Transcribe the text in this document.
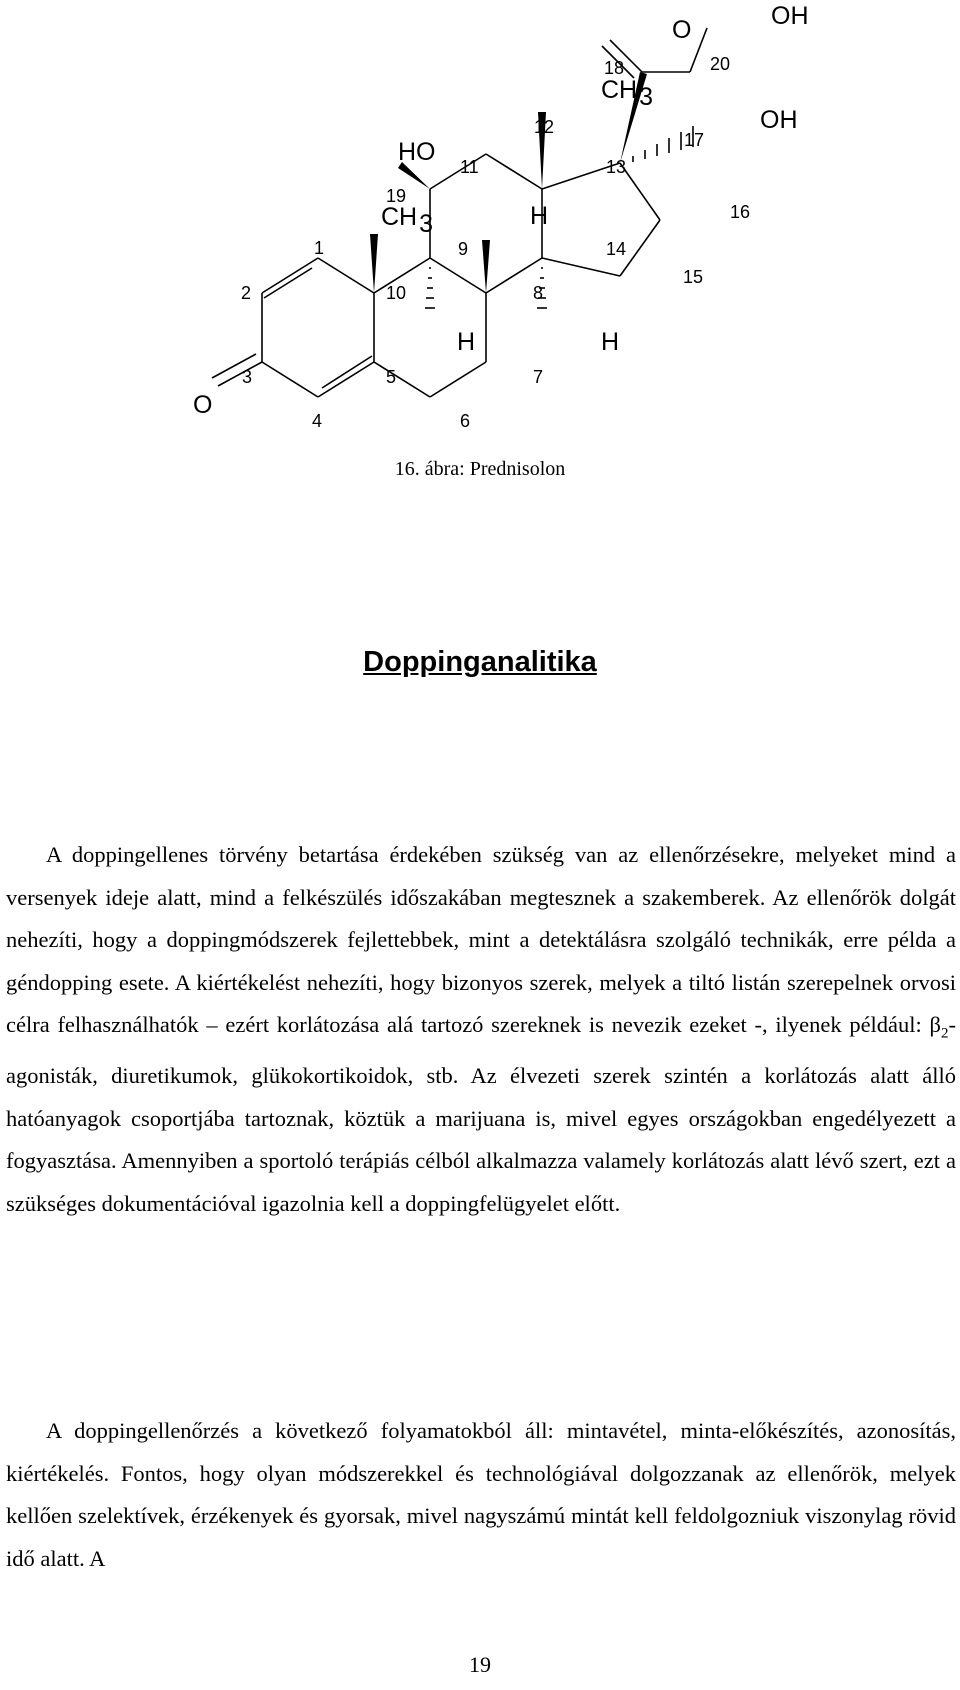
O
O	OH
OH
HO
H
H	H
CH3
CH3
1
2
3
4
5
6
7
8
9
10
11
12
13
14
15
16
17
18
19
20
16. ábra: Prednisolon
Doppinganalitika

A doppingellenes törvény betartása érdekében szükség van az ellenőrzésekre, melyeket mind a versenyek ideje alatt, mind a felkészülés időszakában megtesznek a szakemberek. Az ellenőrök dolgát nehezíti, hogy a doppingmódszerek fejlettebbek, mint a detektálásra szolgáló technikák, erre példa a géndopping esete. A kiértékelést nehezíti, hogy bizonyos szerek, melyek a tiltó listán szerepelnek orvosi célra felhasználhatók – ezért korlátozása alá tartozó szereknek is nevezik ezeket -, ilyenek például: $\beta_2$-agonisták, diuretikumok, glükokortikoidok, stb. Az élvezeti szerek szintén a korlátozás alatt álló hatóanyagok csoportjába tartoznak, köztük a marijuana is, mivel egyes országokban engedélyezett a fogyasztása. Amennyiben a sportoló terápiás célból alkalmazza valamely korlátozás alatt lévő szert, ezt a szükséges dokumentációval igazolnia kell a doppingfelügyelet előtt.

A doppingellenőrzés a következő folyamatokból áll: mintavétel, minta-előkészítés, azonosítás, kiértékelés. Fontos, hogy olyan módszerekkel és technológiával dolgozzanak az ellenőrök, melyek kellően szelektívek, érzékenyek és gyorsak, mivel nagyszámú mintát kell feldolgozniuk viszonylag rövid idő alatt. A

19
